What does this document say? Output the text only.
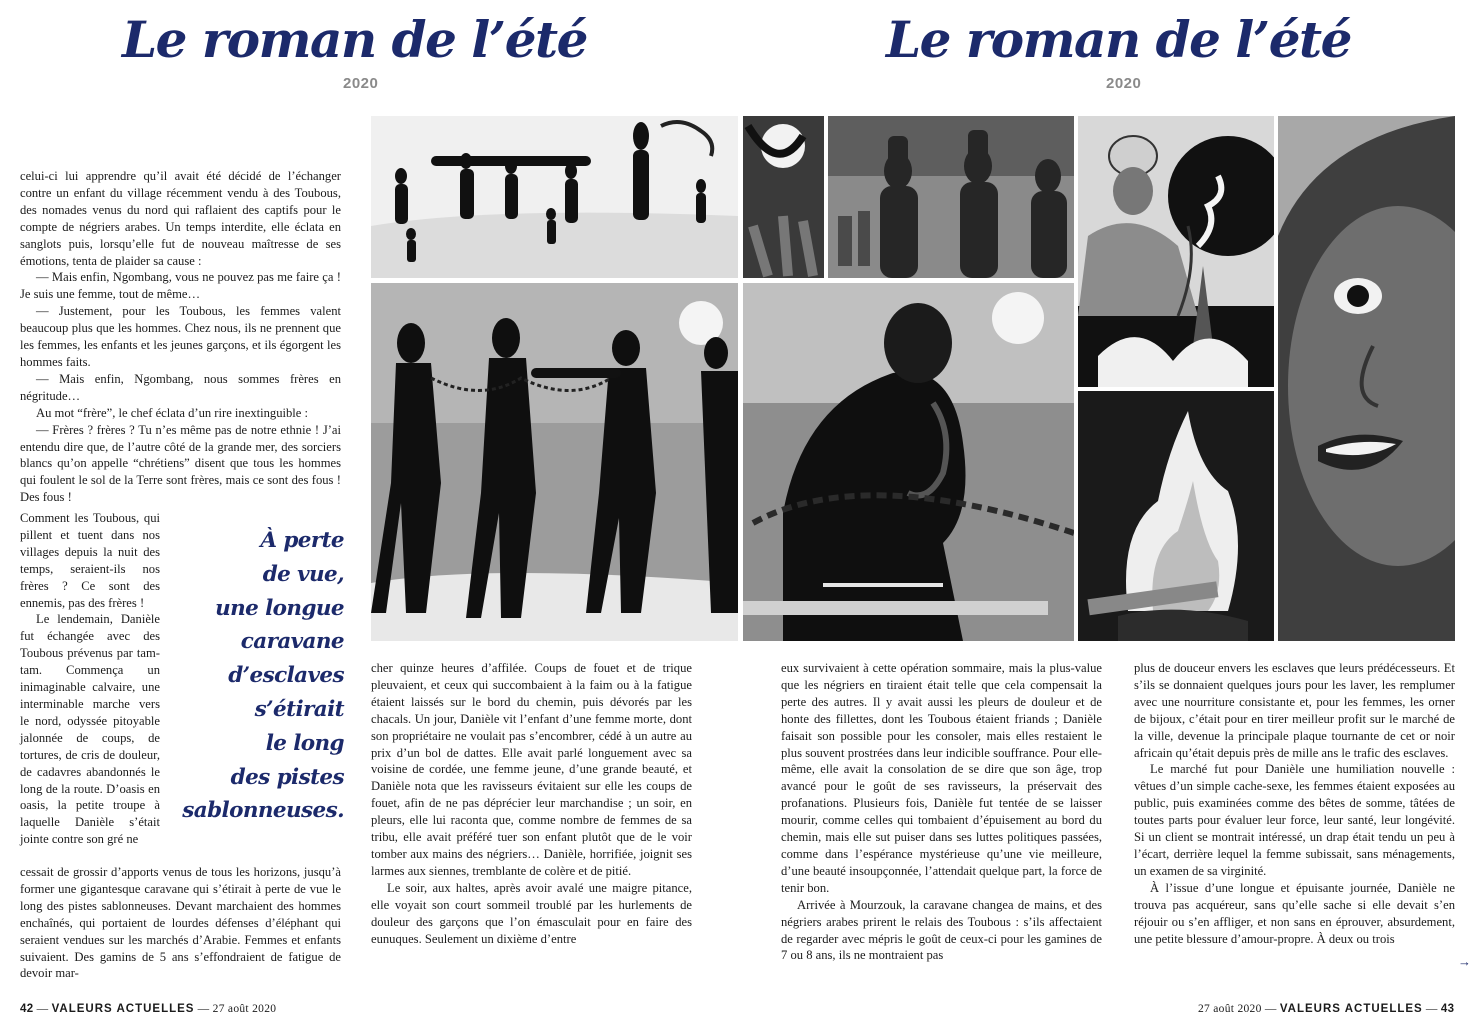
Le roman de l’été
2020
Le roman de l’été
2020

celui-ci lui apprendre qu’il avait été décidé de l’échanger contre un enfant du village récemment vendu à des Toubous, des nomades venus du nord qui raflaient des captifs pour le compte de négriers arabes. Un temps interdite, elle éclata en sanglots puis, lorsqu’elle fut de nouveau maîtresse de ses émotions, tenta de plaider sa cause :

— Mais enfin, Ngombang, vous ne pouvez pas me faire ça ! Je suis une femme, tout de même…

— Justement, pour les Toubous, les femmes valent beaucoup plus que les hommes. Chez nous, ils ne prennent que les femmes, les enfants et les jeunes garçons, et ils égorgent les hommes faits.

— Mais enfin, Ngombang, nous sommes frères en négritude…

Au mot “frère”, le chef éclata d’un rire inextinguible :

— Frères ? frères ? Tu n’es même pas de notre ethnie ! J’ai entendu dire que, de l’autre côté de la grande mer, des sorciers blancs qu’on appelle “chrétiens” disent que tous les hommes qui foulent le sol de la Terre sont frères, mais ce sont des fous ! Des fous !

Comment les Toubous, qui pillent et tuent dans nos villages depuis la nuit des temps, seraient-ils nos frères ? Ce sont des ennemis, pas des frères !

Le lendemain, Danièle fut échangée avec des Toubous prévenus par tam-tam. Commença un inimaginable calvaire, une interminable marche vers le nord, odyssée pitoyable jalonnée de coups, de tortures, de cris de douleur, de cadavres abandonnés le long de la route. D’oasis en oasis, la petite troupe à laquelle Danièle s’était jointe contre son gré ne

cessait de grossir d’apports venus de tous les horizons, jusqu’à former une gigantesque caravane qui s’étirait à perte de vue le long des pistes sablonneuses. Devant marchaient des hommes enchaînés, qui portaient de lourdes défenses d’éléphant qui seraient vendues sur les marchés d’Arabie. Femmes et enfants suivaient. Des gamins de 5 ans s’effondraient de fatigue de devoir mar-

À perte
de vue,
une longue
caravane
d’esclaves
s’étirait
le long
des pistes
sablonneuses.

cher quinze heures d’affilée. Coups de fouet et de trique pleuvaient, et ceux qui succombaient à la faim ou à la fatigue étaient laissés sur le bord du chemin, puis dévorés par les chacals. Un jour, Danièle vit l’enfant d’une femme morte, dont son propriétaire ne voulait pas s’encombrer, cédé à un autre au prix d’un bol de dattes. Elle avait parlé longuement avec sa voisine de cordée, une femme jeune, d’une grande beauté, et Danièle nota que les ravisseurs évitaient sur elle les coups de fouet, afin de ne pas déprécier leur marchandise ; un soir, en pleurs, elle lui raconta que, comme nombre de femmes de sa tribu, elle avait préféré tuer son enfant plutôt que de le voir tomber aux mains des négriers… Danièle, horrifiée, joignit ses larmes aux siennes, tremblante de colère et de pitié.

Le soir, aux haltes, après avoir avalé une maigre pitance, elle voyait son court sommeil troublé par les hurlements de douleur des garçons que l’on émasculait pour en faire des eunuques. Seulement un dixième d’entre

eux survivaient à cette opération sommaire, mais la plus-value que les négriers en tiraient était telle que cela compensait la perte des autres. Il y avait aussi les pleurs de douleur et de honte des fillettes, dont les Toubous étaient friands ; Danièle faisait son possible pour les consoler, mais elles restaient le plus souvent prostrées dans leur indicible souffrance. Pour elle-même, elle avait la consolation de se dire que son âge, trop avancé pour le goût de ses ravisseurs, la préservait des profanations. Plusieurs fois, Danièle fut tentée de se laisser mourir, comme celles qui tombaient d’épuisement au bord du chemin, mais elle sut puiser dans ses luttes politiques passées, comme dans l’espérance mystérieuse qu’une vie meilleure, d’une beauté insoupçonnée, l’attendait quelque part, la force de tenir bon.

Arrivée à Mourzouk, la caravane changea de mains, et des négriers arabes prirent le relais des Toubous : s’ils affectaient de regarder avec mépris le goût de ceux-ci pour les gamines de 7 ou 8 ans, ils ne montraient pas

plus de douceur envers les esclaves que leurs prédécesseurs. Et s’ils se donnaient quelques jours pour les laver, les remplumer avec une nourriture consistante et, pour les femmes, les orner de bijoux, c’était pour en tirer meilleur profit sur le marché de la ville, devenue la principale plaque tournante de cet or noir africain qu’était depuis près de mille ans le trafic des esclaves.

Le marché fut pour Danièle une humiliation nouvelle : vêtues d’un simple cache-sexe, les femmes étaient exposées au public, puis examinées comme des bêtes de somme, tâtées de toutes parts pour évaluer leur force, leur santé, leur longévité. Si un client se montrait intéressé, un drap était tendu un peu à l’écart, derrière lequel la femme subissait, sans ménagements, un examen de sa virginité.

À l’issue d’une longue et épuisante journée, Danièle ne trouva pas acquéreur, sans qu’elle sache si elle devait s’en réjouir ou s’en affliger, et non sans en éprouver, absurdement, une petite blessure d’amour-propre. À deux ou trois

→
42 — VALEURS ACTUELLES — 27 août 2020	27 août 2020 — VALEURS ACTUELLES — 43
